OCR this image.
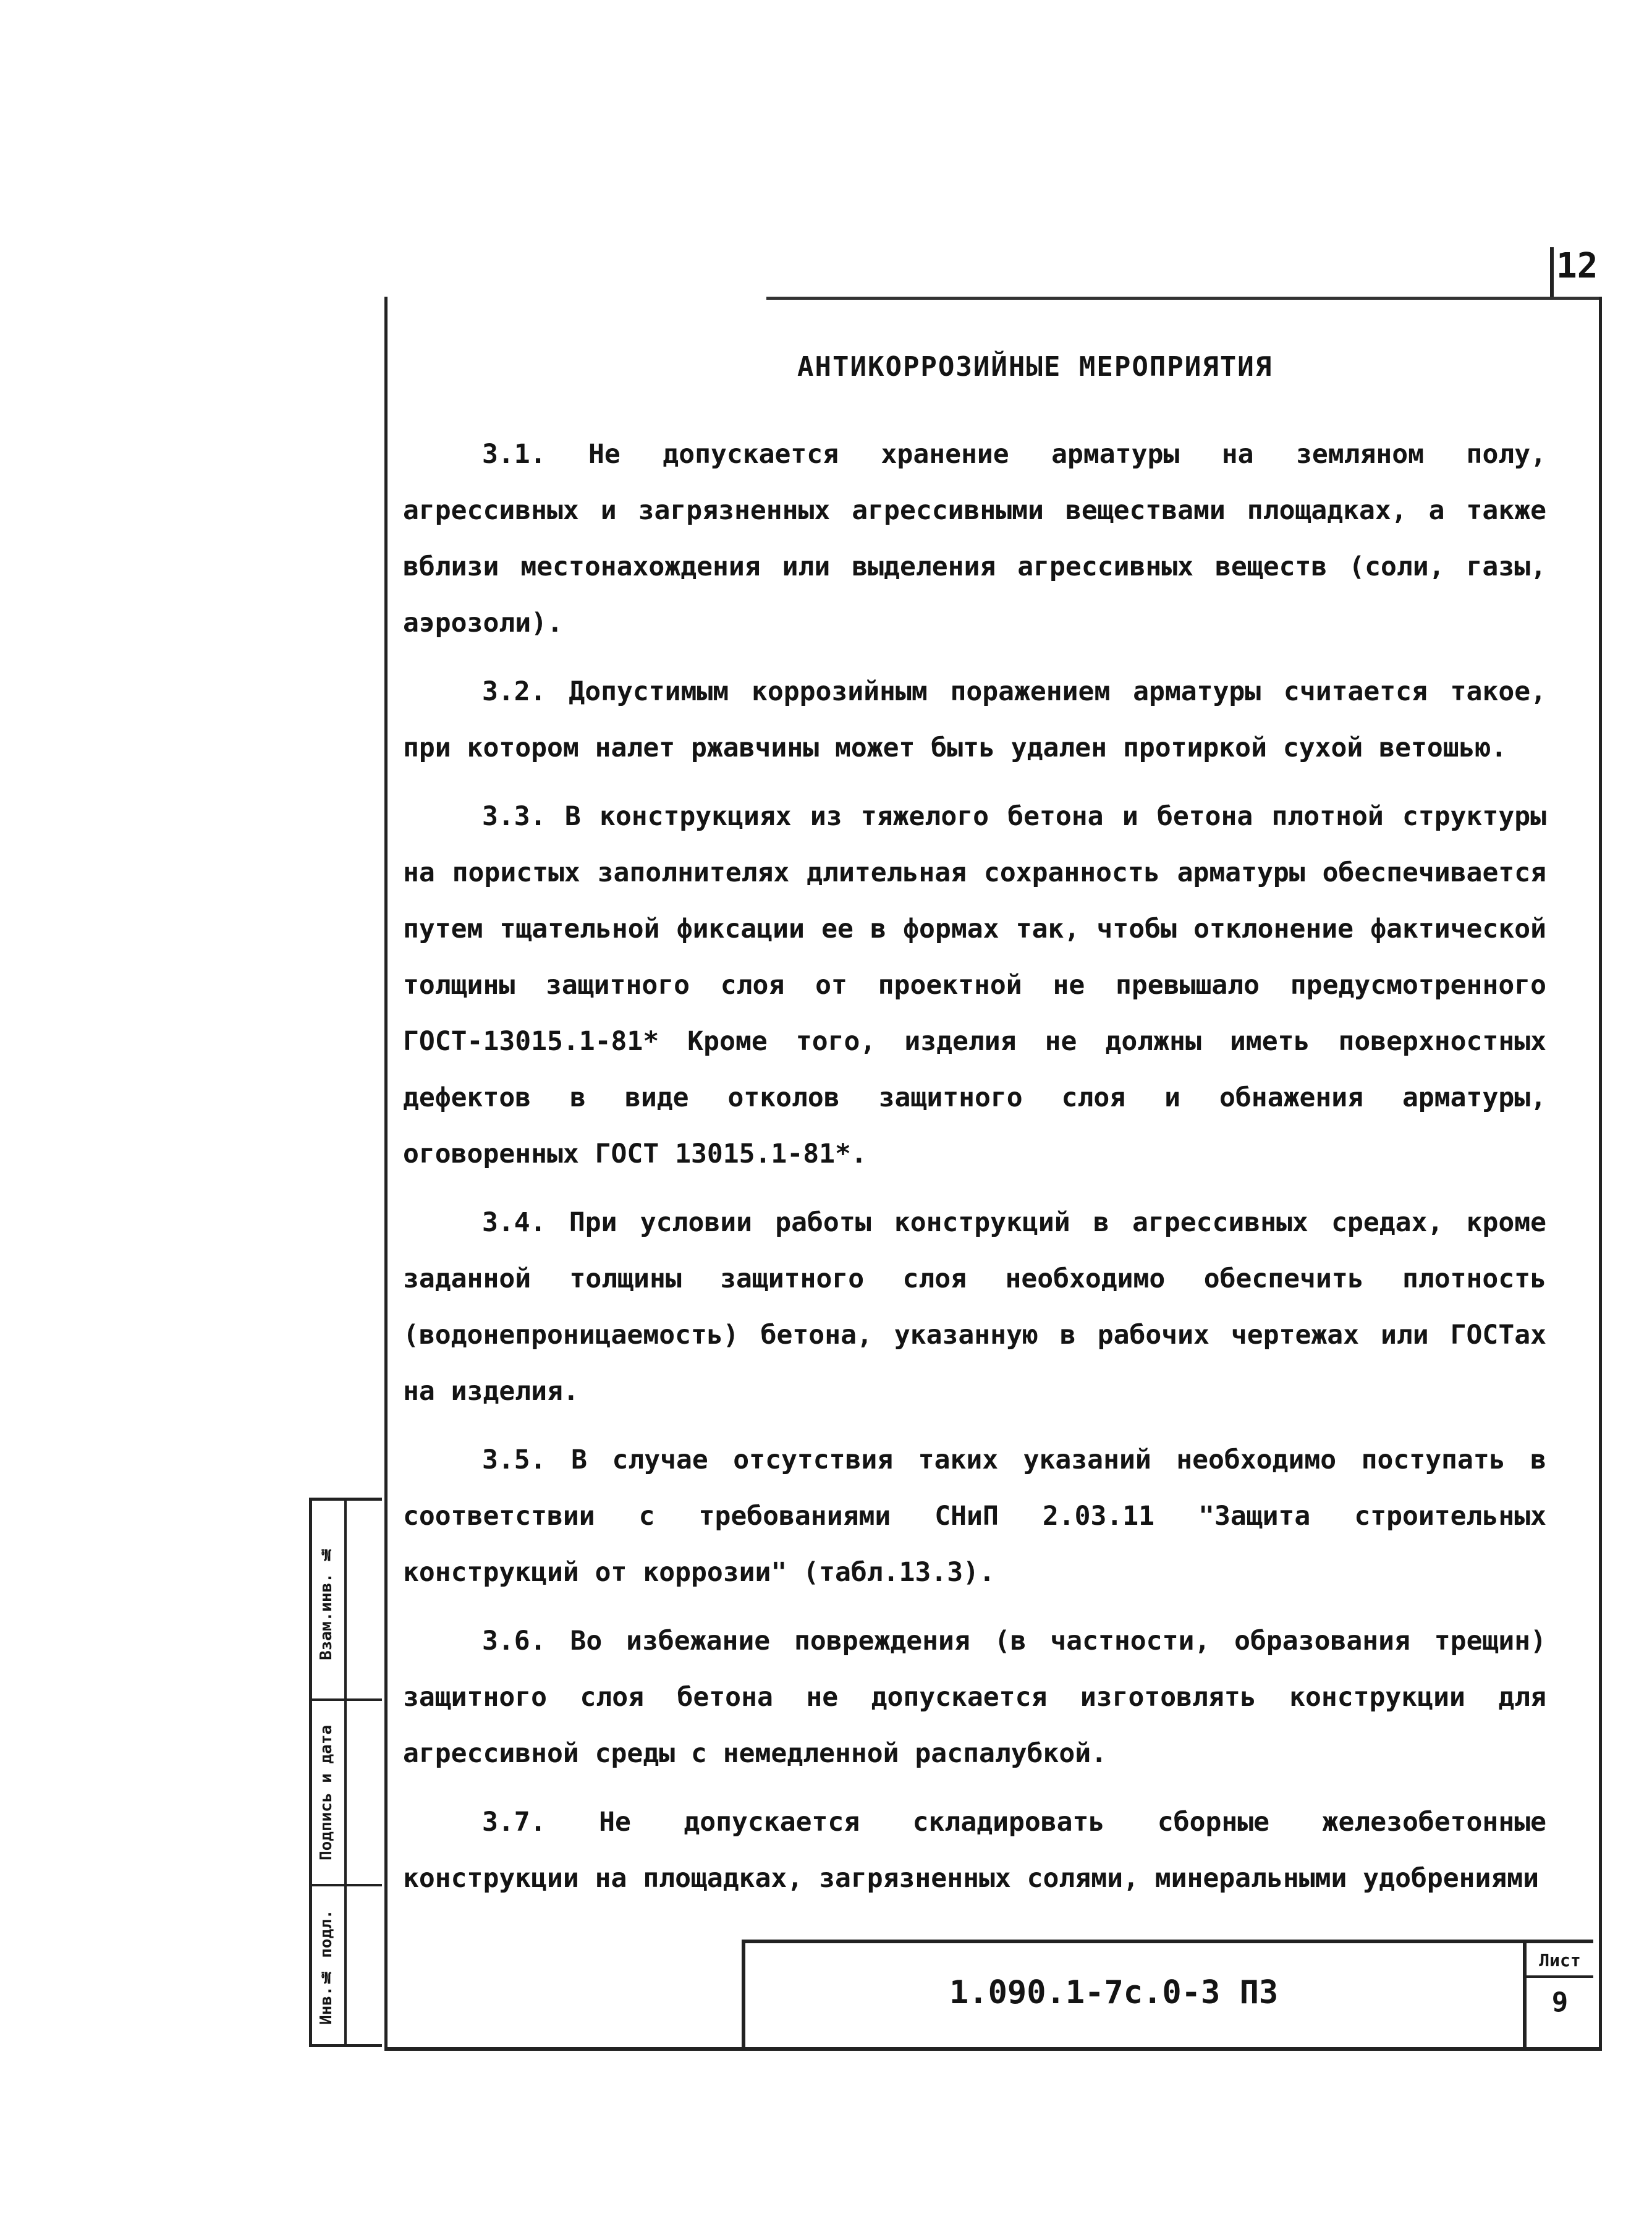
12
АНТИКОРРОЗИЙНЫЕ МЕРОПРИЯТИЯ

3.1. Не допускается хранение арматуры на земляном полу, агрессивных и загрязненных агрессивными веществами площадках, а также вблизи местонахождения или выделения агрессивных веществ (соли, газы, аэрозоли).

3.2. Допустимым коррозийным поражением арматуры считается такое, при котором налет ржавчины может быть удален протиркой сухой ветошью.

3.3. В конструкциях из тяжелого бетона и бетона плотной структуры на пористых заполнителях длительная сохранность арматуры обеспечивается путем тщательной фиксации ее в формах так, чтобы отклонение фактической толщины защитного слоя от проектной не превышало предусмотренного ГОСТ-13015.1-81* Кроме того, изделия не должны иметь поверхностных дефектов в виде отколов защитного слоя и обнажения арматуры, оговоренных ГОСТ 13015.1-81*.

3.4. При условии работы конструкций в агрессивных средах, кроме заданной толщины защитного слоя необходимо обеспечить плотность (водонепроницаемость) бетона, указанную в рабочих чертежах или ГОСТах на изделия.

3.5. В случае отсутствия таких указаний необходимо поступать в соответствии с требованиями СНиП 2.03.11 "Защита строительных конструкций от коррозии" (табл.13.3).

3.6. Во избежание повреждения (в частности, образования трещин) защитного слоя бетона не допускается изготовлять конструкции для агрессивной среды с немедленной распалубкой.

3.7. Не допускается складировать сборные железобетонные конструкции на площадках, загрязненных солями, минеральными удобрениями

Взам.инв. №
Подпись и дата
Инв.№ подл.	1.090.1-7с.0-3 ПЗ
Лист
9
